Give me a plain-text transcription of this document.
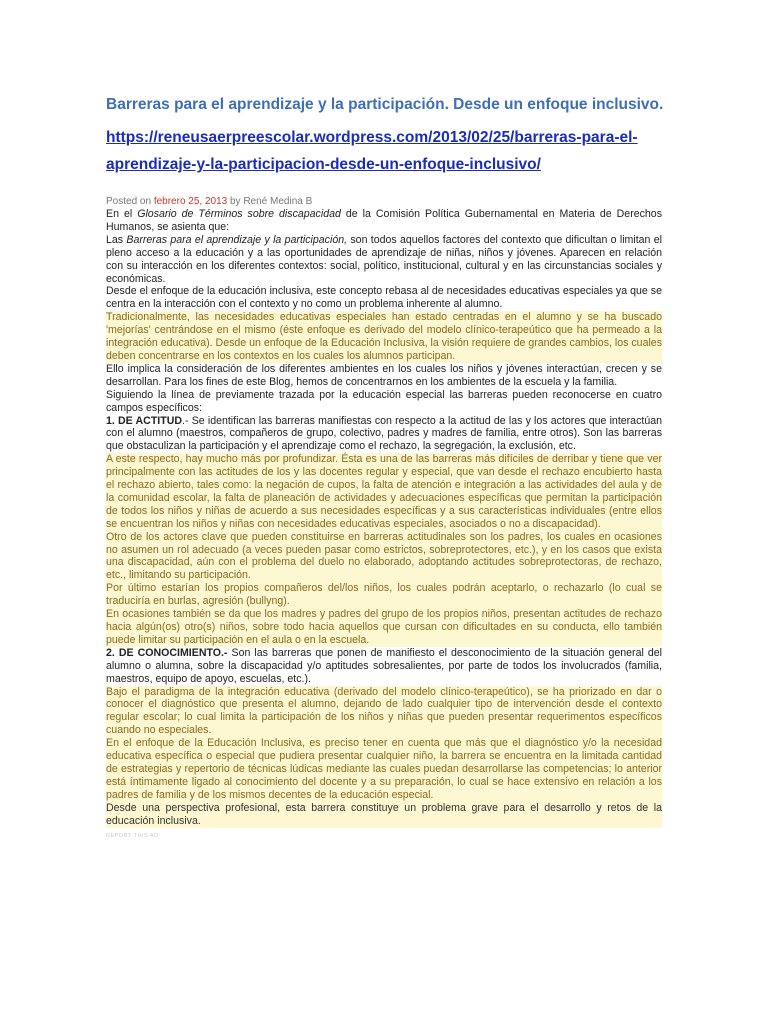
Barreras para el aprendizaje y la participación. Desde un enfoque inclusivo.
https://reneusaerpreescolar.wordpress.com/2013/02/25/barreras-para-el-aprendizaje-y-la-participacion-desde-un-enfoque-inclusivo/
Posted on febrero 25, 2013 by René Medina B

En el Glosario de Términos sobre discapacidad de la Comisión Política Gubernamental en Materia de Derechos Humanos, se asienta que:

Las Barreras para el aprendizaje y la participación, son todos aquellos factores del contexto que dificultan o limitan el pleno acceso a la educación y a las oportunidades de aprendizaje de niñas, niños y jóvenes. Aparecen en relación con su interacción en los diferentes contextos: social, político, institucional, cultural y en las circunstancias sociales y económicas.

Desde el enfoque de la educación inclusiva, este concepto rebasa al de necesidades educativas especiales ya que se centra en la interacción con el contexto y no como un problema inherente al alumno.

Tradicionalmente, las necesidades educativas especiales han estado centradas en el alumno y se ha buscado 'mejorías' centrándose en el mismo (éste enfoque es derivado del modelo clínico-terapeútico que ha permeado a la integración educativa). Desde un enfoque de la Educación Inclusiva, la visión requiere de grandes cambios, los cuales deben concentrarse en los contextos en los cuales los alumnos participan.

Ello implica la consideración de los diferentes ambientes en los cuales los niños y jóvenes interactúan, crecen y se desarrollan. Para los fines de este Blog, hemos de concentrarnos en los ambientes de la escuela y la familia.

Siguiendo la línea de previamente trazada por la educación especial las barreras pueden reconocerse en cuatro campos específicos:

1. DE ACTITUD.- Se identifican las barreras manifiestas con respecto a la actitud de las y los actores que interactúan con el alumno (maestros, compañeros de grupo, colectivo, padres y madres de familia, entre otros). Son las barreras que obstaculizan la participación y el aprendizaje como el rechazo, la segregación, la exclusión, etc.

A este respecto, hay mucho más por profundizar. Ésta es una de las barreras más difíciles de derribar y tiene que ver principalmente con las actitudes de los y las docentes regular y especial, que van desde el rechazo encubierto hasta el rechazo abierto, tales como: la negación de cupos, la falta de atención e integración a las actividades del aula y de la comunidad escolar, la falta de planeación de actividades y adecuaciones específicas que permitan la participación de todos los niños y niñas de acuerdo a sus necesidades específicas y a sus características individuales (entre ellos se encuentran los niños y niñas con necesidades educativas especiales, asociados o no a discapacidad).

Otro de los actores clave que pueden constituirse en barreras actitudinales son los padres, los cuales en ocasiones no asumen un rol adecuado (a veces pueden pasar como estrictos, sobreprotectores, etc.), y en los casos que exista una discapacidad, aún con el problema del duelo no elaborado, adoptando actitudes sobreprotectoras, de rechazo, etc., limitando su participación.

Por último estarían los propios compañeros del/los niños, los cuales podrán aceptarlo, o rechazarlo (lo cual se traduciría en burlas, agresión (bullyng).

En ocasiones también se da que los madres y padres del grupo de los propios niños, presentan actitudes de rechazo hacia algún(os) otro(s) niños, sobre todo hacia aquellos que cursan con dificultades en su conducta, ello también puede limitar su participación en el aula o en la escuela.

2. DE CONOCIMIENTO.- Son las barreras que ponen de manifiesto el desconocimiento de la situación general del alumno o alumna, sobre la discapacidad y/o aptitudes sobresalientes, por parte de todos los involucrados (familia, maestros, equipo de apoyo, escuelas, etc.).

Bajo el paradigma de la integración educativa (derivado del modelo clínico-terapeútico), se ha priorizado en dar o conocer el diagnóstico que presenta el alumno, dejando de lado cualquier tipo de intervención desde el contexto regular escolar; lo cual limita la participación de los niños y niñas que pueden presentar requerimentos específicos cuando no especiales.

En el enfoque de la Educación Inclusiva, es preciso tener en cuenta que más que el diagnóstico y/o la necesidad educativa específica o especial que pudiera presentar cualquier niño, la barrera se encuentra en la limitada cantidad de estrategias y repertorio de técnicas lúdicas mediante las cuales puedan desarrollarse las competencias; lo anterior está íntimamente ligado al conocimiento del docente y a su preparación, lo cual se hace extensivo en relación a los padres de familia y de los mismos decentes de la educación especial.

Desde una perspectiva profesional, esta barrera constituye un problema grave para el desarrollo y retos de la educación inclusiva.

REPORT THIS AD
